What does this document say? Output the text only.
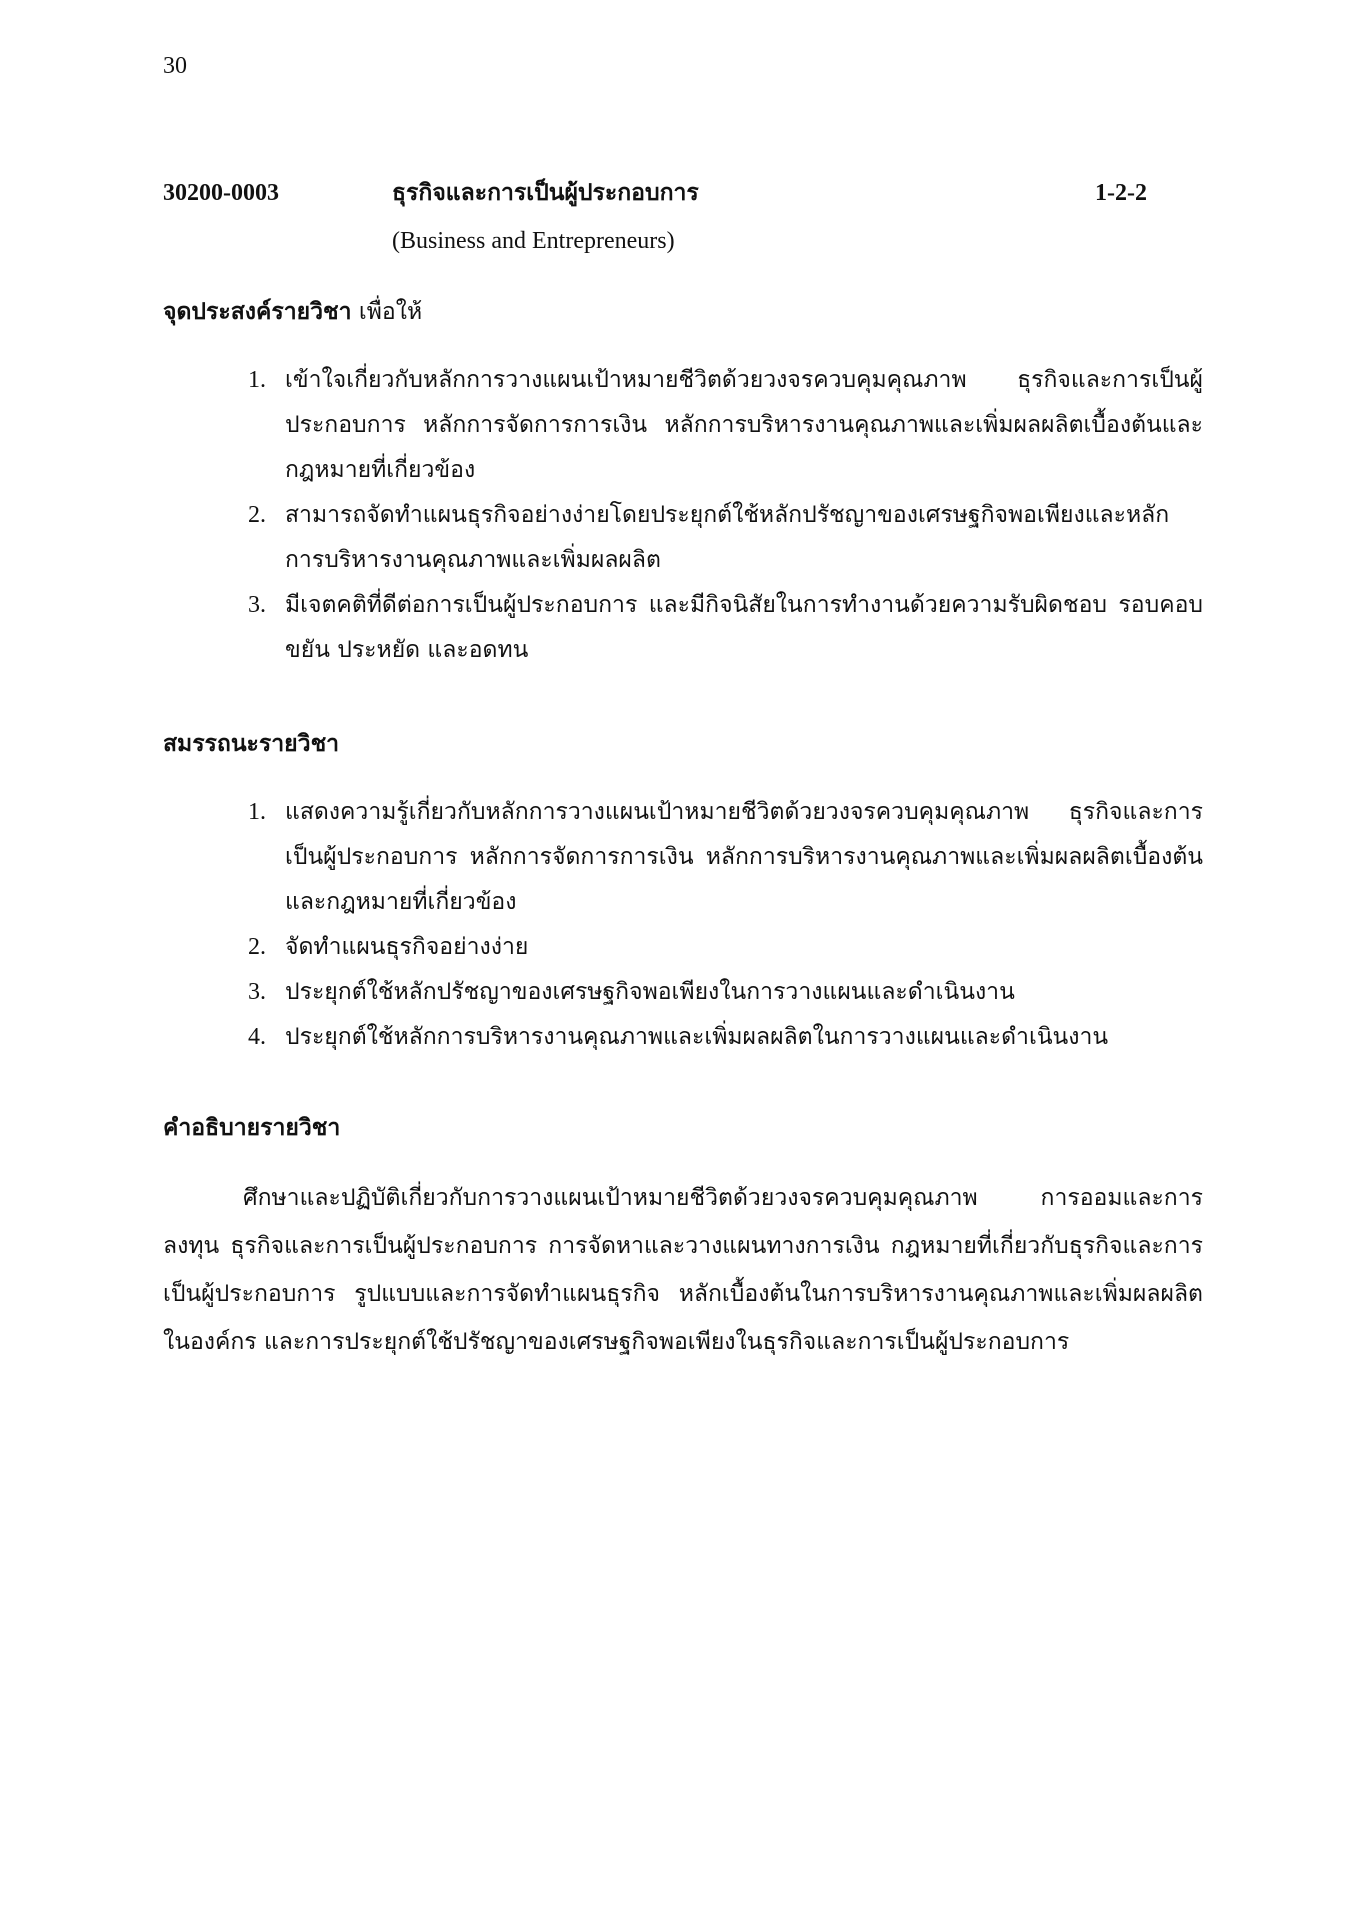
30
30200-0003	ธุรกิจและการเป็นผู้ประกอบการ	1-2-2
(Business and Entrepreneurs)
จุดประสงค์รายวิชา เพื่อให้
1. เข้าใจเกี่ยวกับหลักการวางแผนเป้าหมายชีวิตด้วยวงจรควบคุมคุณภาพ ธุรกิจและการเป็นผู้ประกอบการ หลักการจัดการการเงิน หลักการบริหารงานคุณภาพและเพิ่มผลผลิตเบื้องต้นและกฎหมายที่เกี่ยวข้อง
2. สามารถจัดทำแผนธุรกิจอย่างง่ายโดยประยุกต์ใช้หลักปรัชญาของเศรษฐกิจพอเพียงและหลักการบริหารงานคุณภาพและเพิ่มผลผลิต
3. มีเจตคติที่ดีต่อการเป็นผู้ประกอบการ และมีกิจนิสัยในการทำงานด้วยความรับผิดชอบ รอบคอบ ขยัน ประหยัด และอดทน
สมรรถนะรายวิชา
1. แสดงความรู้เกี่ยวกับหลักการวางแผนเป้าหมายชีวิตด้วยวงจรควบคุมคุณภาพ ธุรกิจและการเป็นผู้ประกอบการ หลักการจัดการการเงิน หลักการบริหารงานคุณภาพและเพิ่มผลผลิตเบื้องต้นและกฎหมายที่เกี่ยวข้อง
2. จัดทำแผนธุรกิจอย่างง่าย
3. ประยุกต์ใช้หลักปรัชญาของเศรษฐกิจพอเพียงในการวางแผนและดำเนินงาน
4. ประยุกต์ใช้หลักการบริหารงานคุณภาพและเพิ่มผลผลิตในการวางแผนและดำเนินงาน
คำอธิบายรายวิชา

ศึกษาและปฏิบัติเกี่ยวกับการวางแผนเป้าหมายชีวิตด้วยวงจรควบคุมคุณภาพ การออมและการลงทุน ธุรกิจและการเป็นผู้ประกอบการ การจัดหาและวางแผนทางการเงิน กฎหมายที่เกี่ยวกับธุรกิจและการเป็นผู้ประกอบการ รูปแบบและการจัดทำแผนธุรกิจ หลักเบื้องต้นในการบริหารงานคุณภาพและเพิ่มผลผลิตในองค์กร และการประยุกต์ใช้ปรัชญาของเศรษฐกิจพอเพียงในธุรกิจและการเป็นผู้ประกอบการ
